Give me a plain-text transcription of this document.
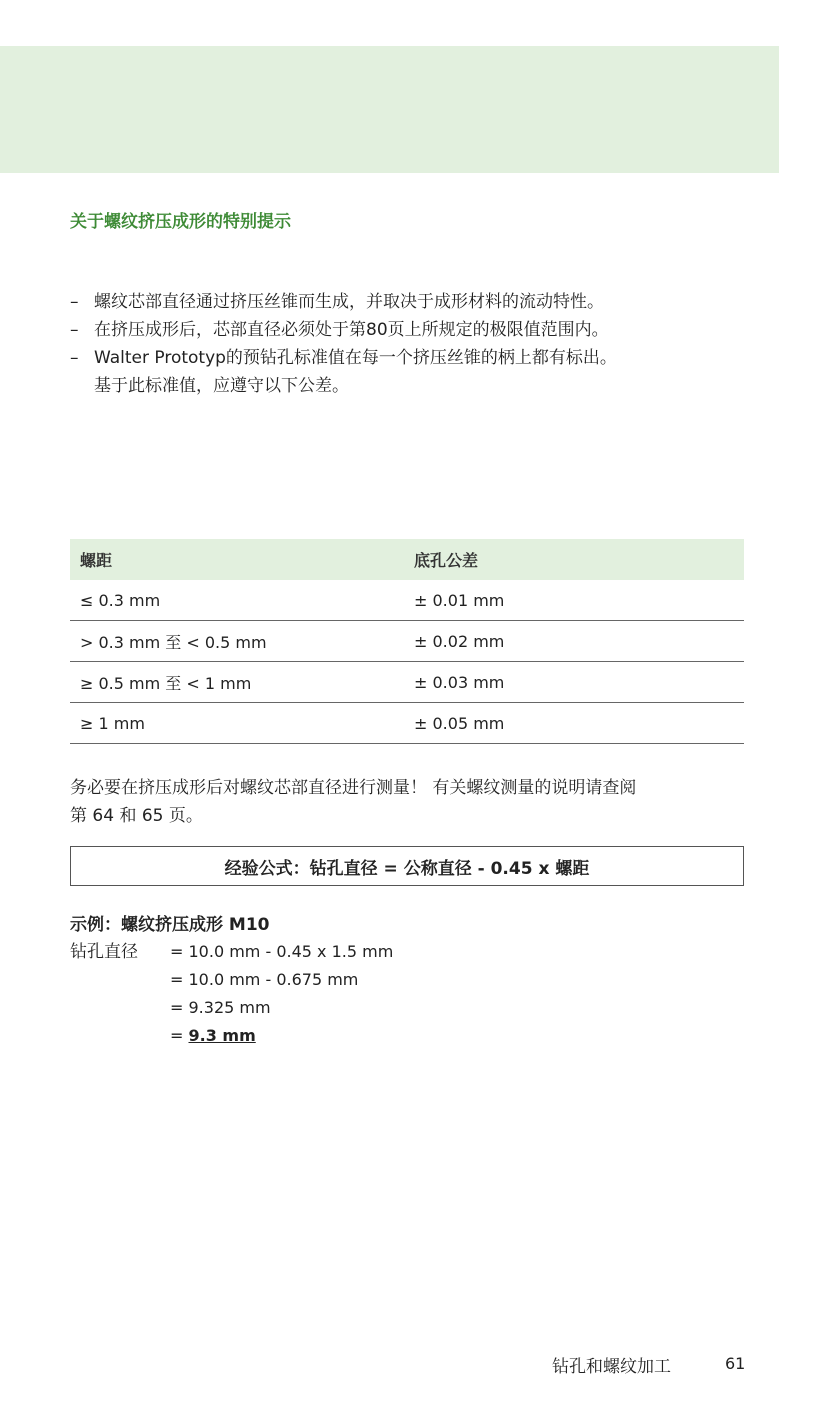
关于螺纹挤压成形的特别提示
– 螺纹芯部直径通过挤压丝锥而生成，并取决于成形材料的流动特性。
– 在挤压成形后，芯部直径必须处于第80页上所规定的极限值范围内。
– Walter Prototyp的预钻孔标准值在每一个挤压丝锥的柄上都有标出。
基于此标准值，应遵守以下公差。
螺距	底孔公差
≤ 0.3 mm	± 0.01 mm
> 0.3 mm 至 < 0.5 mm	± 0.02 mm
≥ 0.5 mm 至 < 1 mm	± 0.03 mm
≥ 1 mm	± 0.05 mm
务必要在挤压成形后对螺纹芯部直径进行测量！ 有关螺纹测量的说明请查阅
第 64 和 65 页。
经验公式：钻孔直径 = 公称直径 - 0.45 x 螺距
示例：螺纹挤压成形 M10
钻孔直径	= 10.0 mm - 0.45 x 1.5 mm
= 10.0 mm - 0.675 mm
= 9.325 mm
= 9.3 mm
钻孔和螺纹加工	61
